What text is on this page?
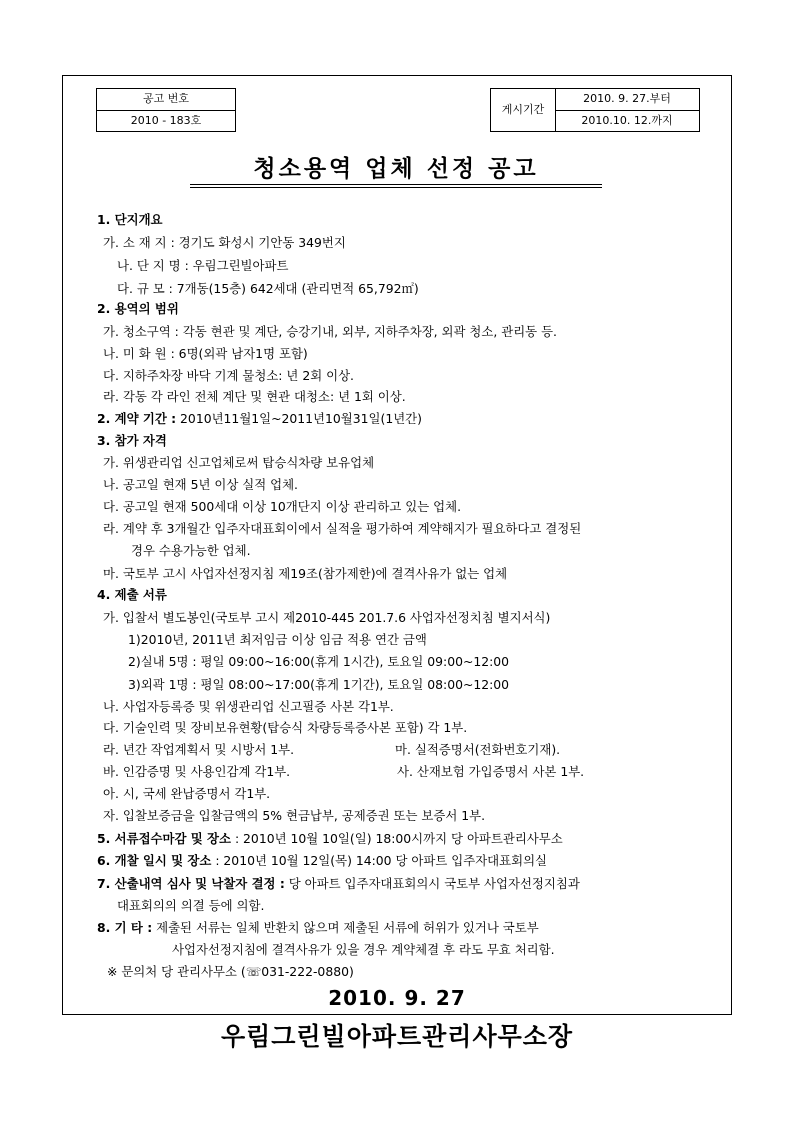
공고 번호
2010 - 183호
게시기간
2010. 9. 27.부터
2010.10. 12.까지
청소용역 업체 선정 공고
1. 단지개요
가. 소 재 지 : 경기도 화성시 기안동 349번지
나. 단 지 명 : 우림그린빌아파트
다. 규 모 : 7개동(15층) 642세대 (관리면적 65,792㎡)
2. 용역의 범위
가. 청소구역 : 각동 현관 및 계단, 승강기내, 외부, 지하주차장, 외곽 청소, 관리동 등.
나. 미 화 원 : 6명(외곽 남자1명 포함)
다. 지하주차장 바닥 기계 물청소: 년 2회 이상.
라. 각동 각 라인 전체 계단 및 현관 대청소: 년 1회 이상.
2. 계약 기간 : 2010년11월1일~2011년10월31일(1년간)
3. 참가 자격
가. 위생관리업 신고업체로써 탑승식차량 보유업체
나. 공고일 현재 5년 이상 실적 업체.
다. 공고일 현재 500세대 이상 10개단지 이상 관리하고 있는 업체.
라. 계약 후 3개월간 입주자대표회이에서 실적을 평가하여 계약해지가 필요하다고 결정된
경우 수용가능한 업체.
마. 국토부 고시 사업자선정지침 제19조(참가제한)에 결격사유가 없는 업체
4. 제출 서류
가. 입찰서 별도봉인(국토부 고시 제2010-445 201.7.6 사업자선정치침 별지서식)
1)2010년, 2011년 최저임금 이상 임금 적용 연간 금액
2)실내 5명 : 평일 09:00~16:00(휴게 1시간), 토요일 09:00~12:00
3)외곽 1명 : 평일 08:00~17:00(휴게 1기간), 토요일 08:00~12:00
나. 사업자등록증 및 위생관리업 신고필증 사본 각1부.
다. 기술인력 및 장비보유현황(탑승식 차량등록증사본 포함) 각 1부.
라. 년간 작업계획서 및 시방서 1부.	마. 실적증명서(전화번호기재).
바. 인감증명 및 사용인감계 각1부.	사. 산재보험 가입증명서 사본 1부.
아. 시, 국세 완납증명서 각1부.
자. 입찰보증금을 입찰금액의 5% 현금납부, 공제증권 또는 보증서 1부.
5. 서류접수마감 및 장소 : 2010년 10월 10일(일) 18:00시까지 당 아파트관리사무소
6. 개찰 일시 및 장소 : 2010년 10월 12일(목) 14:00 당 아파트 입주자대표회의실
7. 산출내역 심사 및 낙찰자 결정 : 당 아파트 입주자대표회의시 국토부 사업자선정지침과
대표회의의 의결 등에 의함.
8. 기 타 : 제출된 서류는 일체 반환치 않으며 제출된 서류에 허위가 있거나 국토부
사업자선정지침에 결격사유가 있을 경우 계약체결 후 라도 무효 처리함.
※ 문의처 당 관리사무소 (☏031-222-0880)
2010. 9. 27
우림그린빌아파트관리사무소장
